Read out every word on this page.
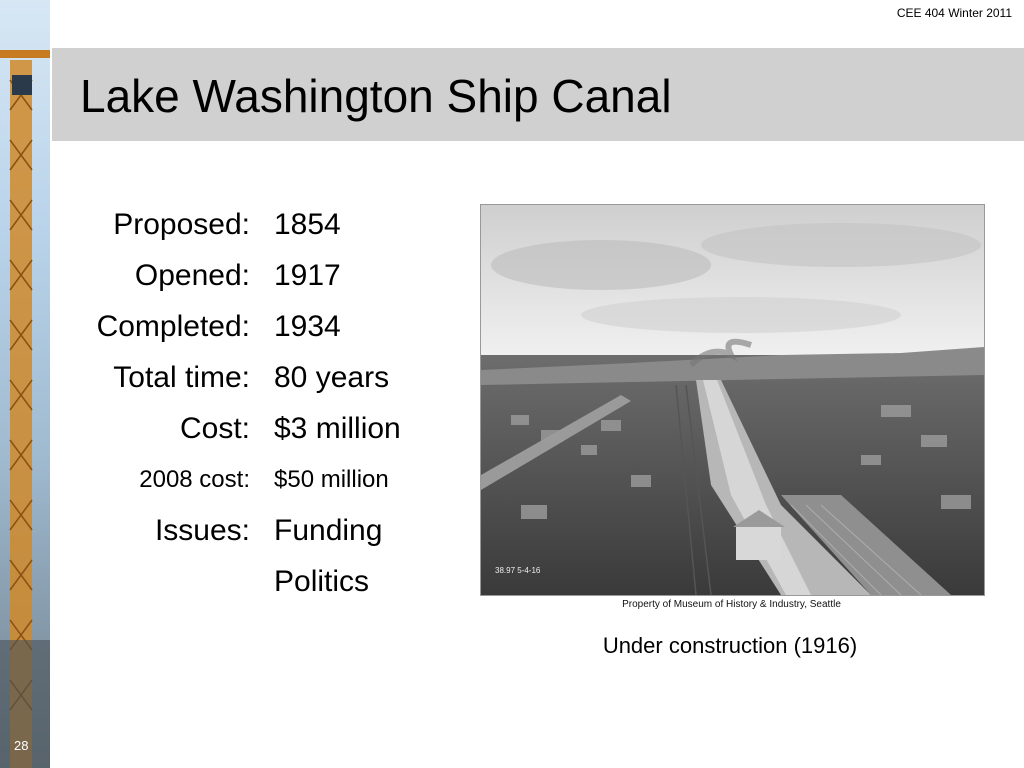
CEE 404 Winter 2011
Lake Washington Ship Canal
Proposed: 1854
Opened: 1917
Completed: 1934
Total time: 80 years
Cost: $3 million
2008 cost: $50 million
Issues: Funding
Politics	38.97 5-4-16
Property of Museum of History & Industry, Seattle
Under construction (1916)
28
